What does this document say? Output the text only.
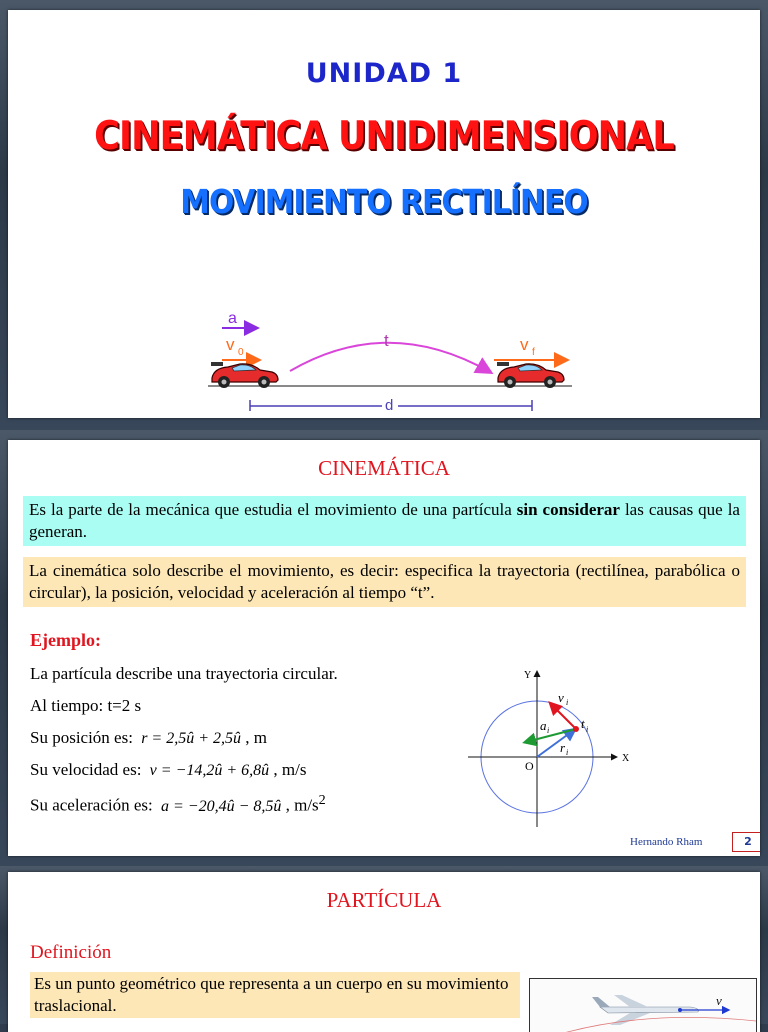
UNIDAD 1
CINEMÁTICA UNIDIMENSIONAL
MOVIMIENTO RECTILÍNEO
a
v 0
t	v f
d
CINEMÁTICA
Es la parte de la mecánica que estudia el movimiento de una partícula sin considerar las causas que la generan.
La cinemática solo describe el movimiento, es decir: especifica la trayectoria (rectilínea, parabólica o circular), la posición, velocidad y aceleración al tiempo “t”.
Ejemplo:
La partícula describe una trayectoria circular.
Al tiempo: t=2 s
Su posición es: r = 2,5û + 2,5û , m
Su velocidad es: v = −14,2û + 6,8û , m/s
Su aceleración es: a = −20,4û − 8,5û , $m/s^2$
Y
X
O
v i
a i
r i
t i
Hernando Rham	2
PARTÍCULA
Definición
Es un punto geométrico que representa a un cuerpo en su movimiento traslacional.	v
